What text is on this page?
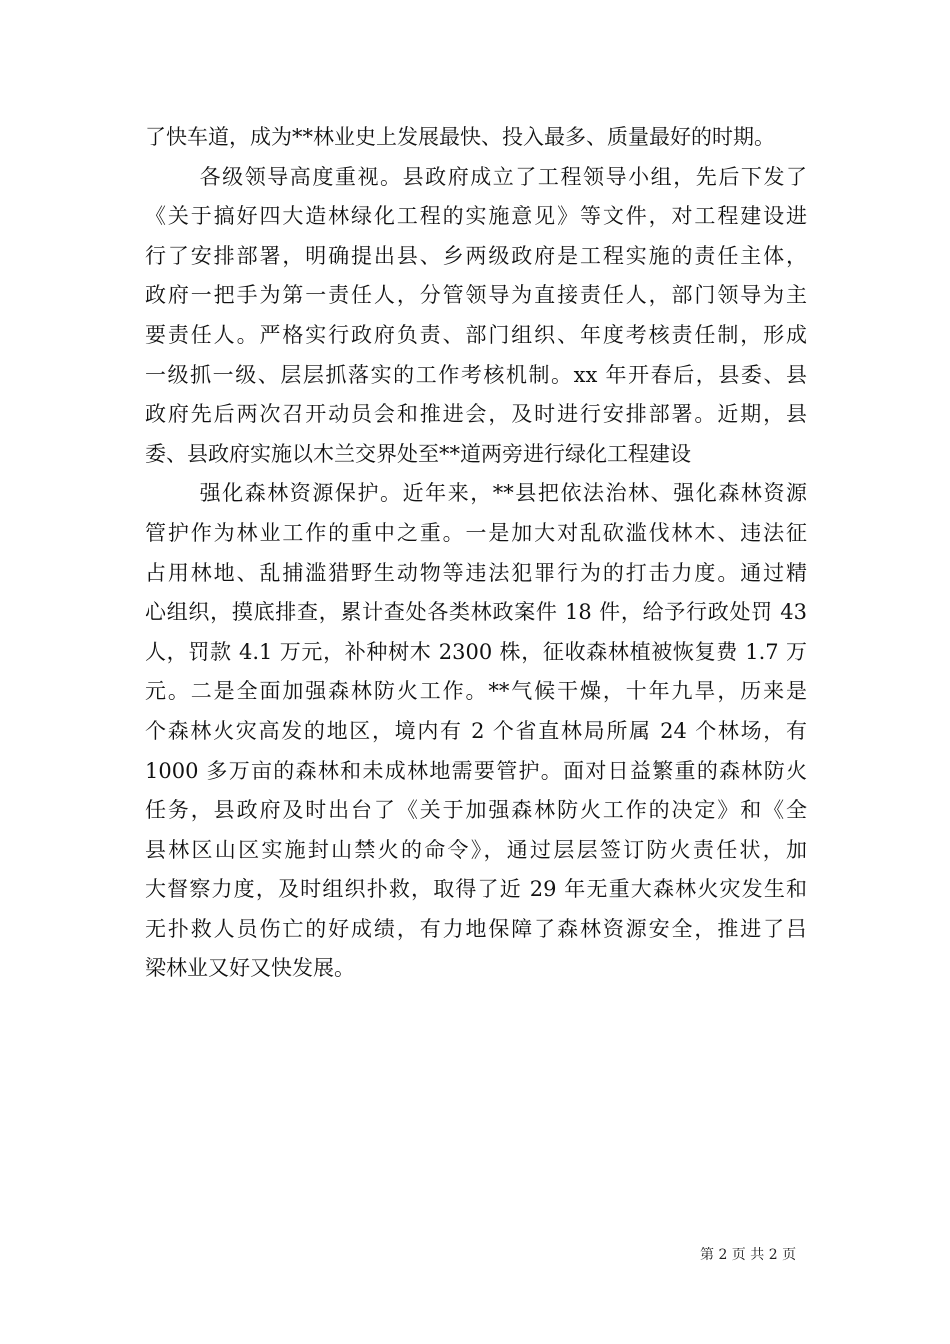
了快车道，成为**林业史上发展最快、投入最多、质量最好的时期。
各级领导高度重视。县政府成立了工程领导小组，先后下发了
《关于搞好四大造林绿化工程的实施意见》等文件，对工程建设进
行了安排部署，明确提出县、乡两级政府是工程实施的责任主体，
政府一把手为第一责任人，分管领导为直接责任人，部门领导为主
要责任人。严格实行政府负责、部门组织、年度考核责任制，形成
一级抓一级、层层抓落实的工作考核机制。xx 年开春后，县委、县
政府先后两次召开动员会和推进会，及时进行安排部署。近期，县
委、县政府实施以木兰交界处至**道两旁进行绿化工程建设
强化森林资源保护。近年来，**县把依法治林、强化森林资源
管护作为林业工作的重中之重。一是加大对乱砍滥伐林木、违法征
占用林地、乱捕滥猎野生动物等违法犯罪行为的打击力度。通过精
心组织，摸底排查，累计查处各类林政案件 18 件，给予行政处罚 43
人，罚款 4.1 万元，补种树木 2300 株，征收森林植被恢复费 1.7 万
元。二是全面加强森林防火工作。**气候干燥，十年九旱，历来是
个森林火灾高发的地区，境内有 2 个省直林局所属 24 个林场，有
1000 多万亩的森林和未成林地需要管护。面对日益繁重的森林防火
任务，县政府及时出台了《关于加强森林防火工作的决定》和《全
县林区山区实施封山禁火的命令》，通过层层签订防火责任状，加
大督察力度，及时组织扑救，取得了近 29 年无重大森林火灾发生和
无扑救人员伤亡的好成绩，有力地保障了森林资源安全，推进了吕
梁林业又好又快发展。
第 2 页 共 2 页
